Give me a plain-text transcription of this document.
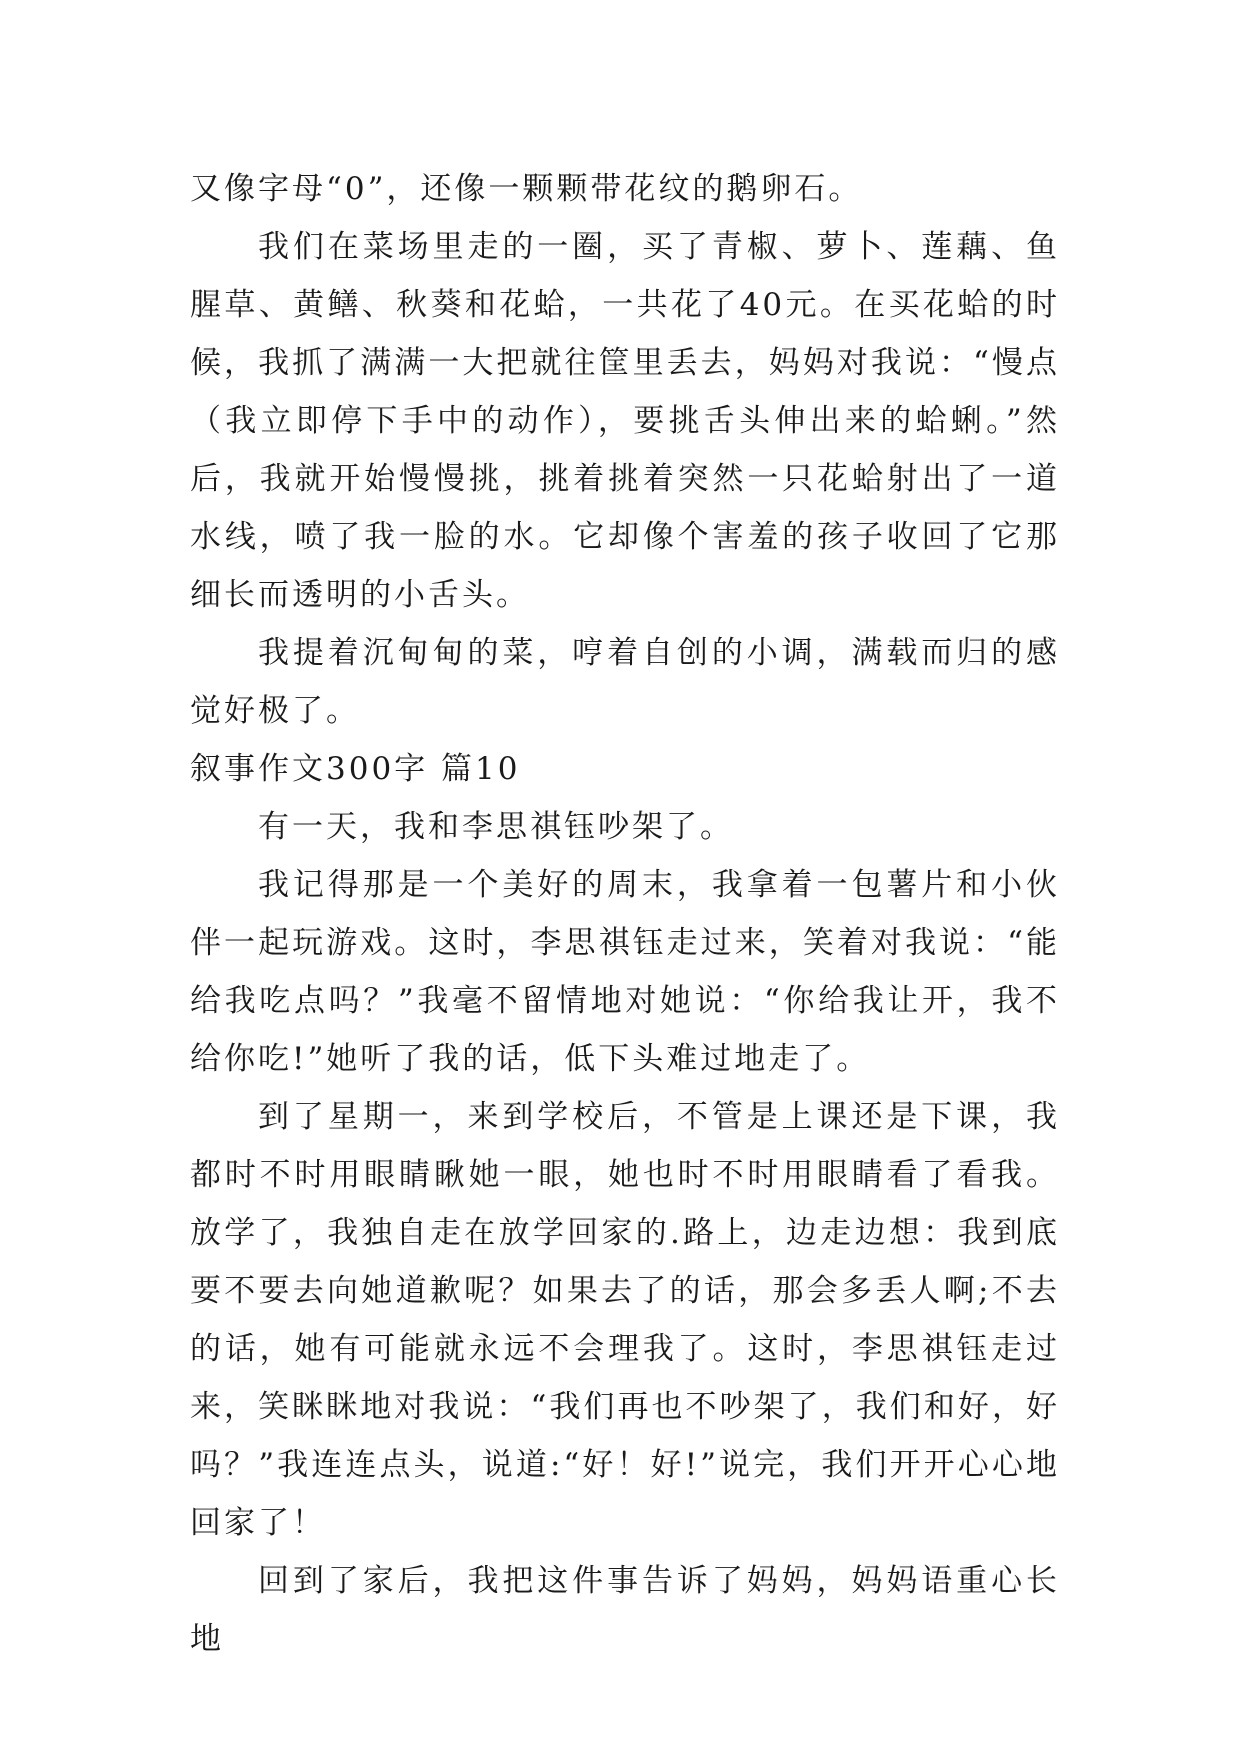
又像字母“0”，还像一颗颗带花纹的鹅卵石。

我们在菜场里走的一圈，买了青椒、萝卜、莲藕、鱼腥草、黄鳝、秋葵和花蛤，一共花了40元。在买花蛤的时候，我抓了满满一大把就往筐里丢去，妈妈对我说：“慢点（我立即停下手中的动作），要挑舌头伸出来的蛤蜊。”然后，我就开始慢慢挑，挑着挑着突然一只花蛤射出了一道水线，喷了我一脸的水。它却像个害羞的孩子收回了它那细长而透明的小舌头。

我提着沉甸甸的菜，哼着自创的小调，满载而归的感觉好极了。

叙事作文300字 篇10

有一天，我和李思祺钰吵架了。

我记得那是一个美好的周末，我拿着一包薯片和小伙伴一起玩游戏。这时，李思祺钰走过来，笑着对我说：“能给我吃点吗？”我毫不留情地对她说：“你给我让开，我不给你吃!”她听了我的话，低下头难过地走了。

到了星期一，来到学校后，不管是上课还是下课，我都时不时用眼睛瞅她一眼，她也时不时用眼睛看了看我。放学了，我独自走在放学回家的.路上，边走边想：我到底要不要去向她道歉呢？如果去了的话，那会多丢人啊;不去的话，她有可能就永远不会理我了。这时，李思祺钰走过来，笑眯眯地对我说：“我们再也不吵架了，我们和好，好吗？”我连连点头，说道:“好！好!”说完，我们开开心心地回家了！

回到了家后，我把这件事告诉了妈妈，妈妈语重心长地
